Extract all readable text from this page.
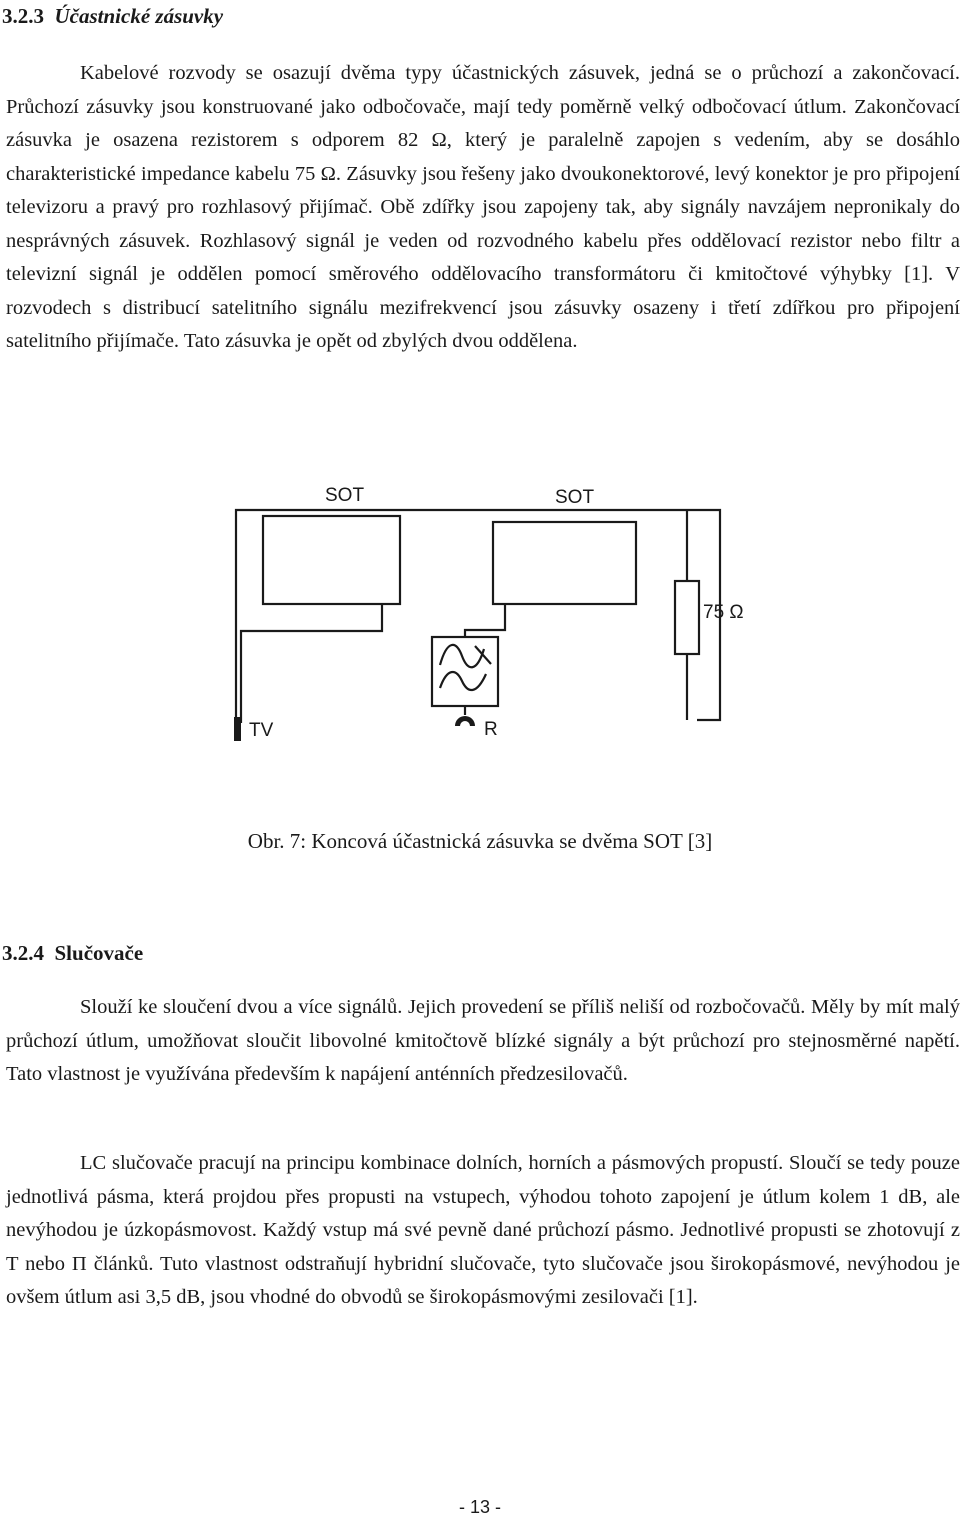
3.2.3 Účastnické zásuvky

Kabelové rozvody se osazují dvěma typy účastnických zásuvek, jedná se o průchozí a zakončovací. Průchozí zásuvky jsou konstruované jako odbočovače, mají tedy poměrně velký odbočovací útlum. Zakončovací zásuvka je osazena rezistorem s odporem 82 Ω, který je paralelně zapojen s vedením, aby se dosáhlo charakteristické impedance kabelu 75 Ω. Zásuvky jsou řešeny jako dvoukonektorové, levý konektor je pro připojení televizoru a pravý pro rozhlasový přijímač. Obě zdířky jsou zapojeny tak, aby signály navzájem nepronikaly do nesprávných zásuvek. Rozhlasový signál je veden od rozvodného kabelu přes oddělovací rezistor nebo filtr a televizní signál je oddělen pomocí směrového oddělovacího transformátoru či kmitočtové výhybky [1]. V rozvodech s distribucí satelitního signálu mezifrekvencí jsou zásuvky osazeny i třetí zdířkou pro připojení satelitního přijímače. Tato zásuvka je opět od zbylých dvou oddělena.

SOT	SOT
75 Ω
TV	R

Obr. 7: Koncová účastnická zásuvka se dvěma SOT [3]

3.2.4 Slučovače

Slouží ke sloučení dvou a více signálů. Jejich provedení se příliš neliší od rozbočovačů. Měly by mít malý průchozí útlum, umožňovat sloučit libovolné kmitočtově blízké signály a být průchozí pro stejnosměrné napětí. Tato vlastnost je využívána především k napájení anténních předzesilovačů.

LC slučovače pracují na principu kombinace dolních, horních a pásmových propustí. Sloučí se tedy pouze jednotlivá pásma, která projdou přes propusti na vstupech, výhodou tohoto zapojení je útlum kolem 1 dB, ale nevýhodou je úzkopásmovost. Každý vstup má své pevně dané průchozí pásmo. Jednotlivé propusti se zhotovují z T nebo Π článků. Tuto vlastnost odstraňují hybridní slučovače, tyto slučovače jsou širokopásmové, nevýhodou je ovšem útlum asi 3,5 dB, jsou vhodné do obvodů se širokopásmovými zesilovači [1].

- 13 -
